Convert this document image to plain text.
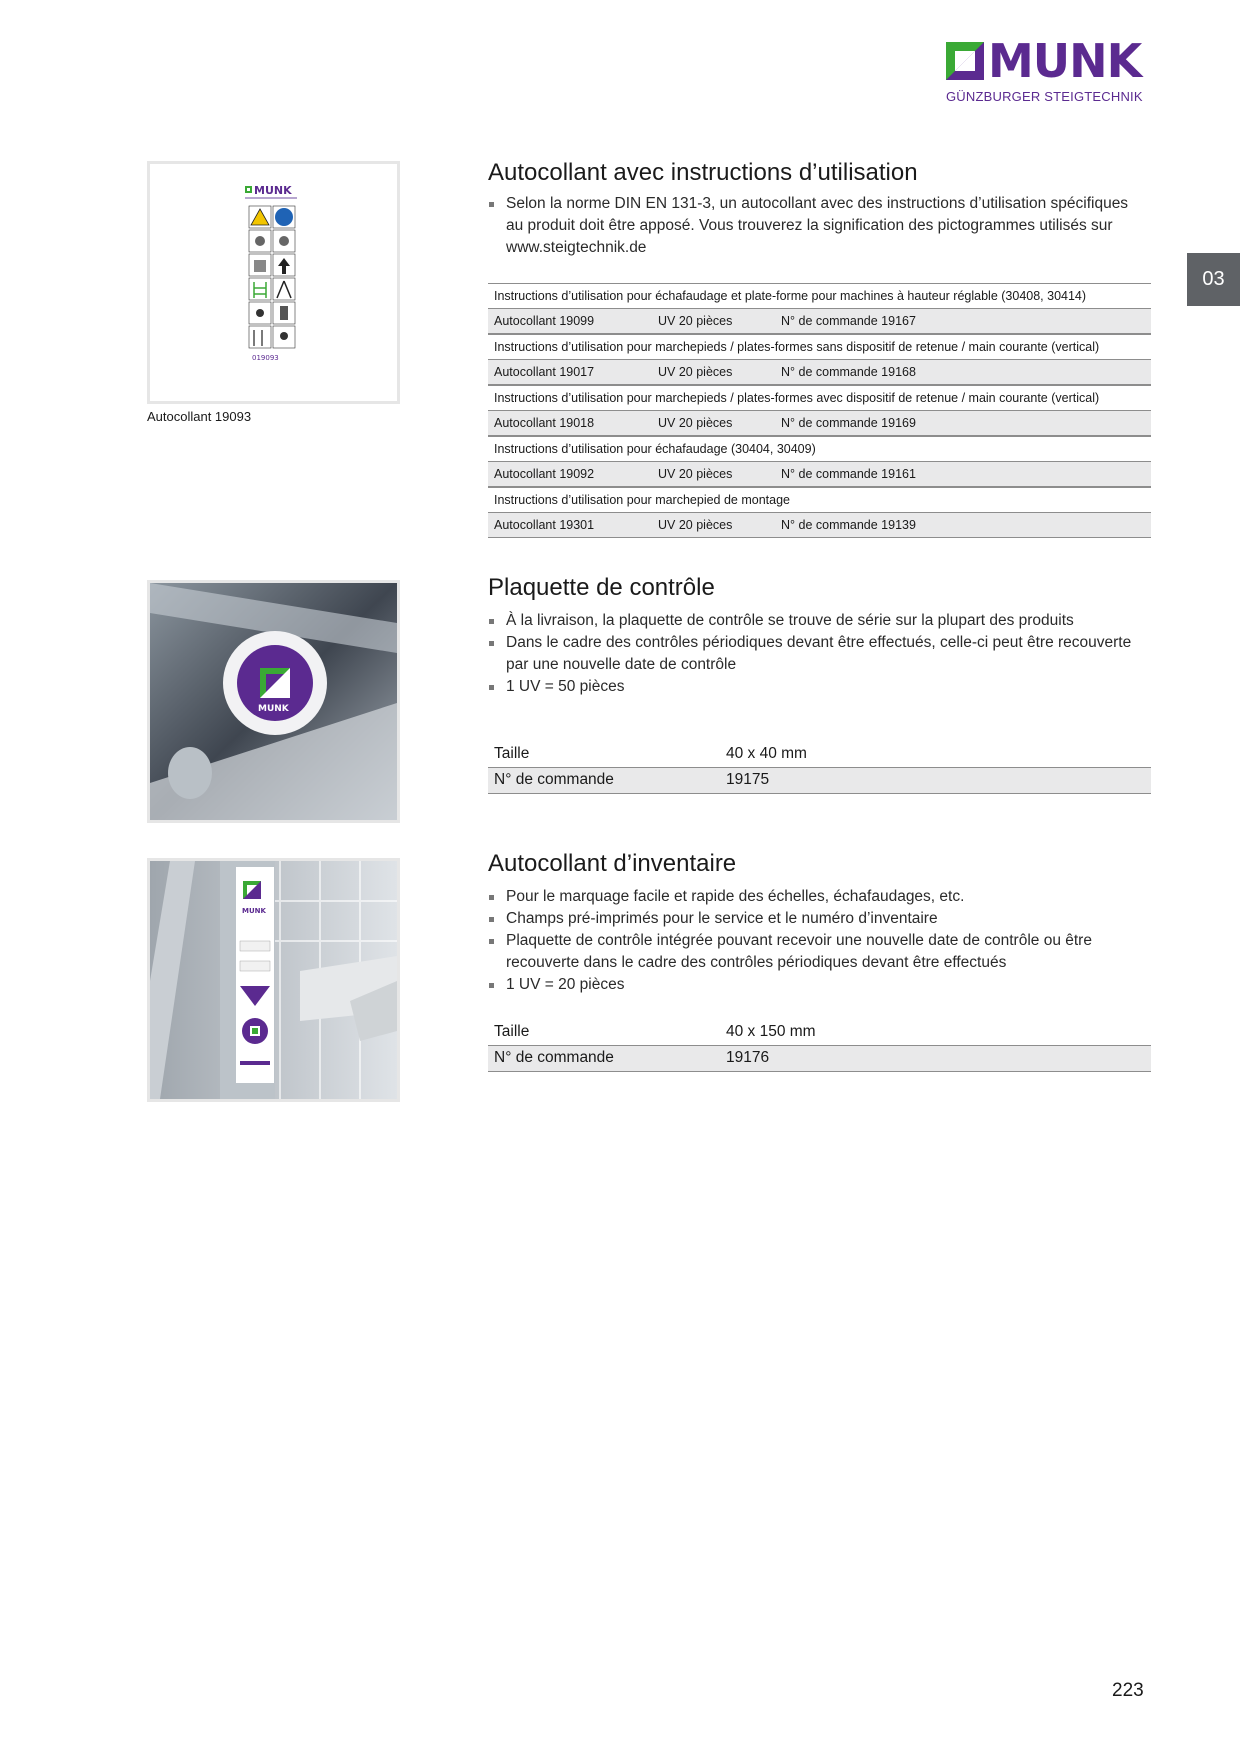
MUNK
GÜNZBURGER STEIGTECHNIK
03
MUNK
019093
Autocollant 19093
Autocollant avec instructions d’utilisation
Selon la norme DIN EN 131-3, un autocollant avec des instructions d’utilisation spécifiques au produit doit être apposé. Vous trouverez la signification des pictogrammes utilisés sur www.steigtechnik.de
Instructions d’utilisation pour échafaudage et plate-forme pour machines à hauteur réglable (30408, 30414)
Autocollant 19099	UV 20 pièces	N° de commande 19167
Instructions d’utilisation pour marchepieds / plates-formes sans dispositif de retenue / main courante (vertical)
Autocollant 19017	UV 20 pièces	N° de commande 19168
Instructions d’utilisation pour marchepieds / plates-formes avec dispositif de retenue / main courante (vertical)
Autocollant 19018	UV 20 pièces	N° de commande 19169
Instructions d’utilisation pour échafaudage (30404, 30409)
Autocollant 19092	UV 20 pièces	N° de commande 19161
Instructions d’utilisation pour marchepied de montage
Autocollant 19301	UV 20 pièces	N° de commande 19139
MUNK
Plaquette de contrôle
À la livraison, la plaquette de contrôle se trouve de série sur la plupart des produits
Dans le cadre des contrôles périodiques devant être effectués, celle-ci peut être recouverte par une nouvelle date de contrôle
1 UV = 50 pièces
Taille	40 x 40 mm
N° de commande	19175
MUNK
Autocollant d’inventaire
Pour le marquage facile et rapide des échelles, échafaudages, etc.
Champs pré-imprimés pour le service et le numéro d’inventaire
Plaquette de contrôle intégrée pouvant recevoir une nouvelle date de contrôle ou être recouverte dans le cadre des contrôles périodiques devant être effectués
1 UV = 20 pièces
Taille	40 x 150 mm
N° de commande	19176
223
